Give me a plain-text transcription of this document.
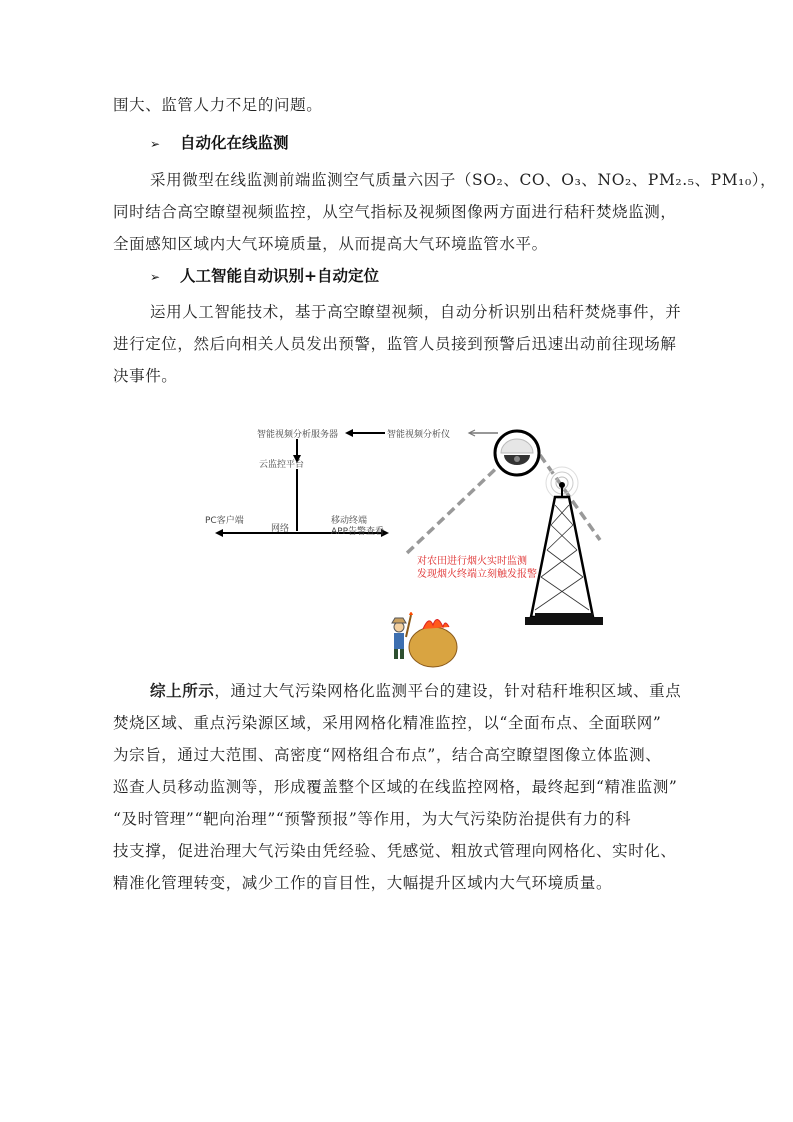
围大、监管人力不足的问题。
➢ 自动化在线监测
采用微型在线监测前端监测空气质量六因子（SO₂、CO、O₃、NO₂、PM₂.₅、PM₁₀），
同时结合高空瞭望视频监控，从空气指标及视频图像两方面进行秸秆焚烧监测，
全面感知区域内大气环境质量，从而提高大气环境监管水平。
➢ 人工智能自动识别+自动定位
运用人工智能技术，基于高空瞭望视频，自动分析识别出秸秆焚烧事件，并
进行定位，然后向相关人员发出预警，监管人员接到预警后迅速出动前往现场解
决事件。
智能视频分析服务器	智能视频分析仪
云监控平台
PC客户端
网络
移动终端
APP告警查看
对农田进行烟火实时监测
发现烟火终端立刻触发报警
综上所示，通过大气污染网格化监测平台的建设，针对秸秆堆积区域、重点
焚烧区域、重点污染源区域，采用网格化精准监控，以“全面布点、全面联网”
为宗旨，通过大范围、高密度“网格组合布点”，结合高空瞭望图像立体监测、
巡查人员移动监测等，形成覆盖整个区域的在线监控网格，最终起到“精准监测”
“及时管理”“靶向治理”“预警预报”等作用，为大气污染防治提供有力的科
技支撑，促进治理大气污染由凭经验、凭感觉、粗放式管理向网格化、实时化、
精准化管理转变，减少工作的盲目性，大幅提升区域内大气环境质量。
